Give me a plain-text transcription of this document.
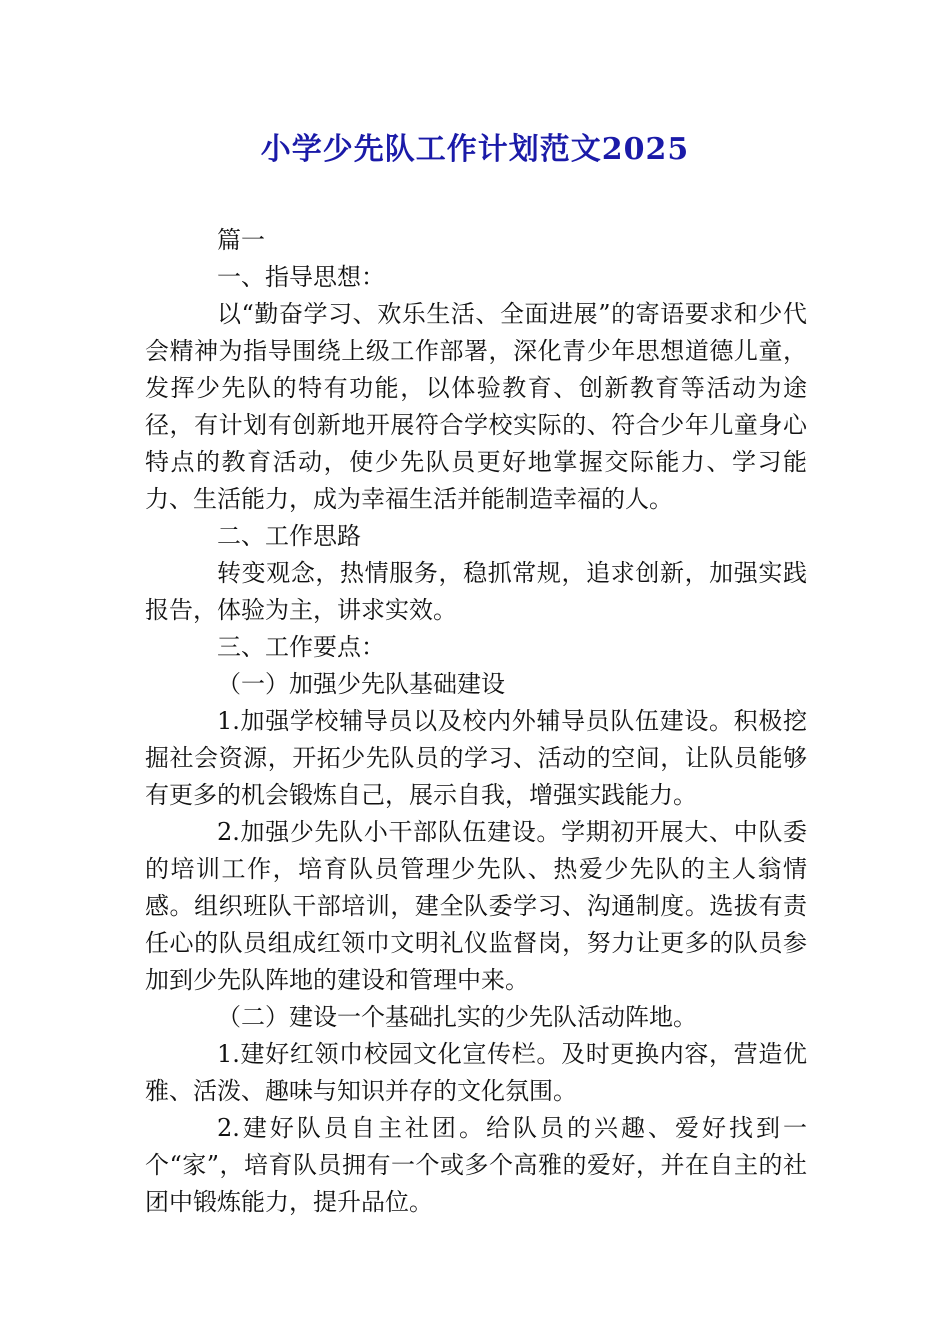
小学少先队工作计划范文2025

篇一

一、指导思想：

以“勤奋学习、欢乐生活、全面进展”的寄语要求和少代会精神为指导围绕上级工作部署，深化青少年思想道德儿童，发挥少先队的特有功能，以体验教育、创新教育等活动为途径，有计划有创新地开展符合学校实际的、符合少年儿童身心特点的教育活动，使少先队员更好地掌握交际能力、学习能力、生活能力，成为幸福生活并能制造幸福的人。

二、工作思路

转变观念，热情服务，稳抓常规，追求创新，加强实践报告，体验为主，讲求实效。

三、工作要点：

（一）加强少先队基础建设

1.加强学校辅导员以及校内外辅导员队伍建设。积极挖掘社会资源，开拓少先队员的学习、活动的空间，让队员能够有更多的机会锻炼自己，展示自我，增强实践能力。

2.加强少先队小干部队伍建设。学期初开展大、中队委的培训工作，培育队员管理少先队、热爱少先队的主人翁情感。组织班队干部培训，建全队委学习、沟通制度。选拔有责任心的队员组成红领巾文明礼仪监督岗，努力让更多的队员参加到少先队阵地的建设和管理中来。

（二）建设一个基础扎实的少先队活动阵地。

1.建好红领巾校园文化宣传栏。及时更换内容，营造优雅、活泼、趣味与知识并存的文化氛围。

2.建好队员自主社团。给队员的兴趣、爱好找到一个“家”，培育队员拥有一个或多个高雅的爱好，并在自主的社团中锻炼能力，提升品位。
